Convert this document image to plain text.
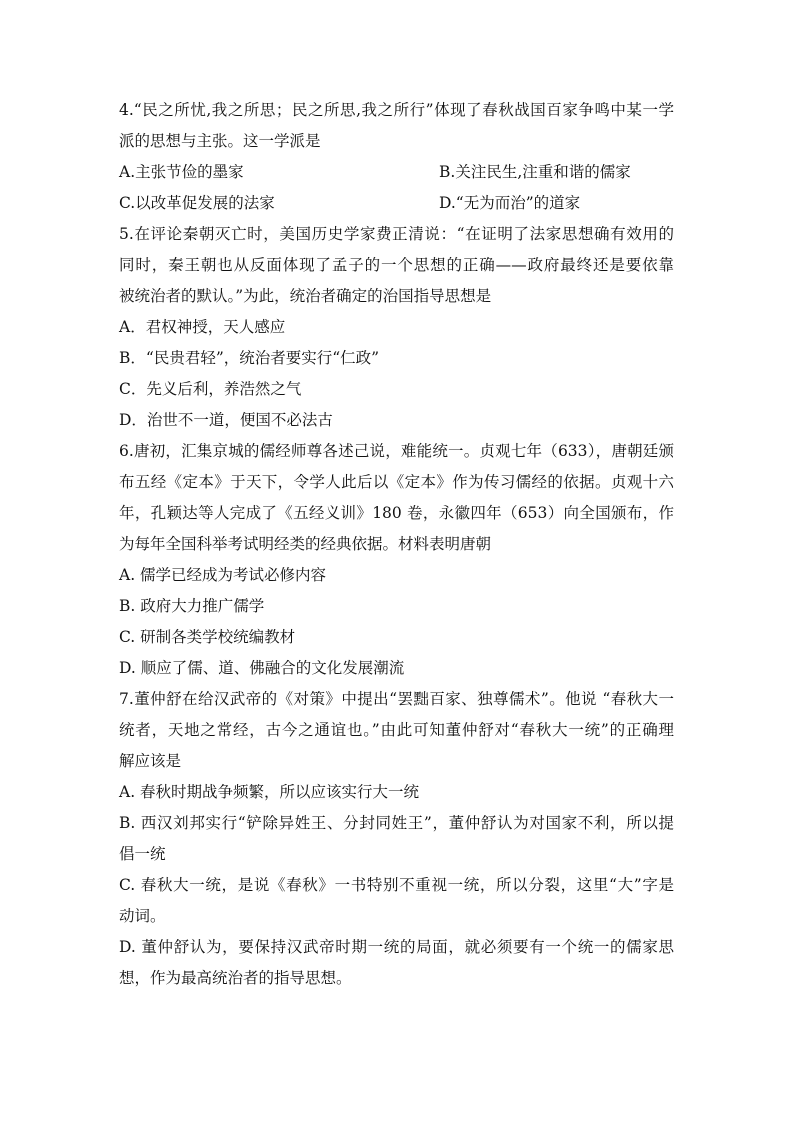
4.“民之所忧,我之所思；民之所思,我之所行”体现了春秋战国百家争鸣中某一学
派的思想与主张。这一学派是
A.主张节俭的墨家	B.关注民生,注重和谐的儒家
C.以改革促发展的法家	D.“无为而治”的道家
5.在评论秦朝灭亡时，美国历史学家费正清说：“在证明了法家思想确有效用的
同时，秦王朝也从反面体现了孟子的一个思想的正确——政府最终还是要依靠
被统治者的默认。”为此，统治者确定的治国指导思想是
A．君权神授，天人感应
B．“民贵君轻”，统治者要实行“仁政”
C．先义后利，养浩然之气
D．治世不一道，便国不必法古
6.唐初，汇集京城的儒经师尊各述己说，难能统一。贞观七年（633），唐朝廷颁
布五经《定本》于天下，令学人此后以《定本》作为传习儒经的依据。贞观十六
年，孔颖达等人完成了《五经义训》180 卷，永徽四年（653）向全国颁布，作
为每年全国科举考试明经类的经典依据。材料表明唐朝
A. 儒学已经成为考试必修内容
B. 政府大力推广儒学
C. 研制各类学校统编教材
D. 顺应了儒、道、佛融合的文化发展潮流
7.董仲舒在给汉武帝的《对策》中提出“罢黜百家、独尊儒术”。他说 “春秋大一
统者，天地之常经，古今之通谊也。”由此可知董仲舒对“春秋大一统”的正确理
解应该是
A. 春秋时期战争频繁，所以应该实行大一统
B. 西汉刘邦实行“铲除异姓王、分封同姓王”，董仲舒认为对国家不利，所以提
倡一统
C. 春秋大一统，是说《春秋》一书特别不重视一统，所以分裂，这里“大”字是
动词。
D. 董仲舒认为，要保持汉武帝时期一统的局面，就必须要有一个统一的儒家思
想，作为最高统治者的指导思想。
